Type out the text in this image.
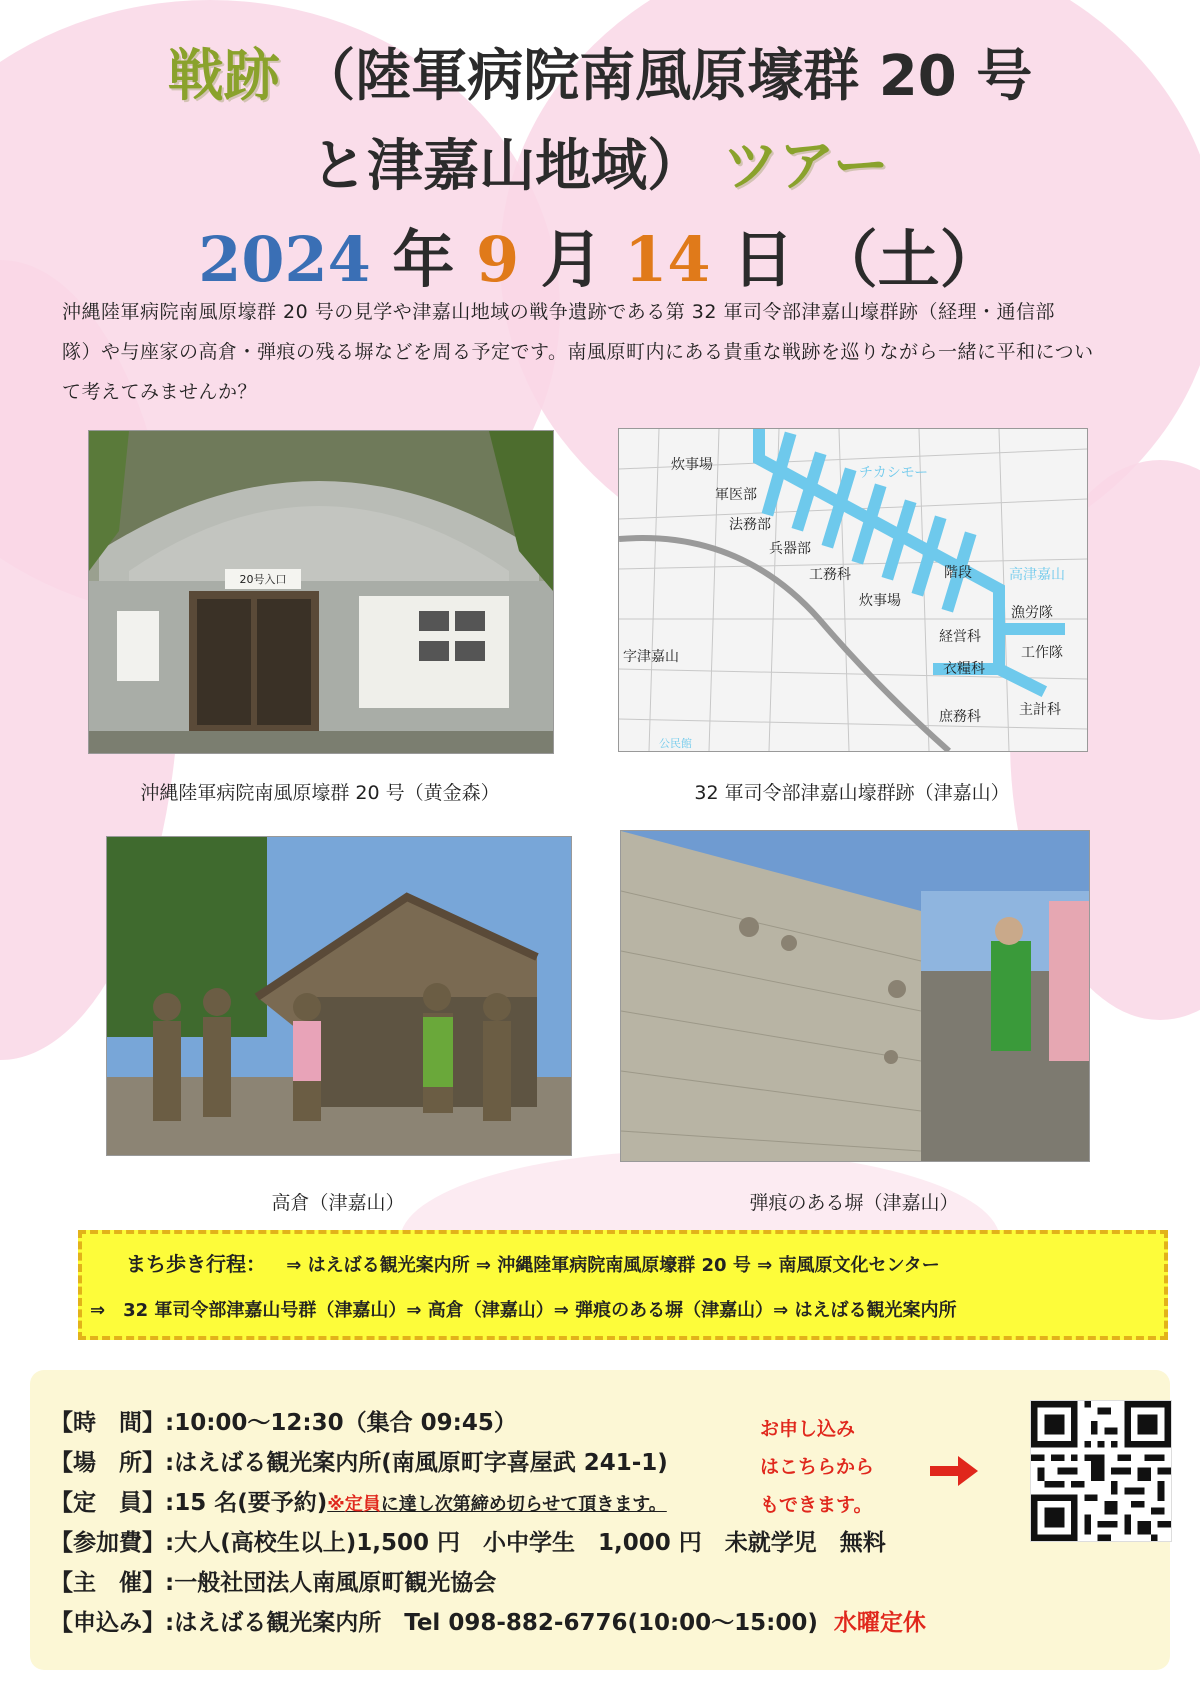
戦跡 （陸軍病院南風原壕群 20 号
と津嘉山地域） ツアー
2024 年 9 月 14 日 （土）
沖縄陸軍病院南風原壕群 20 号の見学や津嘉山地域の戦争遺跡である第 32 軍司令部津嘉山壕群跡（経理・通信部
隊）や与座家の高倉・弾痕の残る塀などを周る予定です。南風原町内にある貴重な戦跡を巡りながら一緒に平和につい
て考えてみませんか？
20号入口
沖縄陸軍病院南風原壕群 20 号（黄金森）
炊事場
軍医部
法務部
兵器部
工務科
炊事場
階段
チカシモー
高津嘉山
漁労隊
経営科
工作隊
衣糧科
庶務科	主計科
字津嘉山
公民館
32 軍司令部津嘉山壕群跡（津嘉山）
高倉（津嘉山）	弾痕のある塀（津嘉山）
まち歩き行程： ⇒ はえばる観光案内所 ⇒ 沖縄陸軍病院南風原壕群 20 号 ⇒ 南風原文化センター
⇒　32 軍司令部津嘉山号群（津嘉山）⇒ 高倉（津嘉山）⇒ 弾痕のある塀（津嘉山）⇒ はえばる観光案内所
【時　間】:10:00～12:30（集合 09:45）
【場　所】:はえばる観光案内所(南風原町字喜屋武 241-1)
【定　員】:15 名(要予約)※定員に達し次第締め切らせて頂きます。
【参加費】:大人(高校生以上)1,500 円　小中学生　1,000 円　未就学児　無料
【主　催】:一般社団法人南風原町観光協会
【申込み】:はえばる観光案内所　Tel 098-882-6776(10:00～15:00) 水曜定休
お申し込み
はこちらから
もできます。
